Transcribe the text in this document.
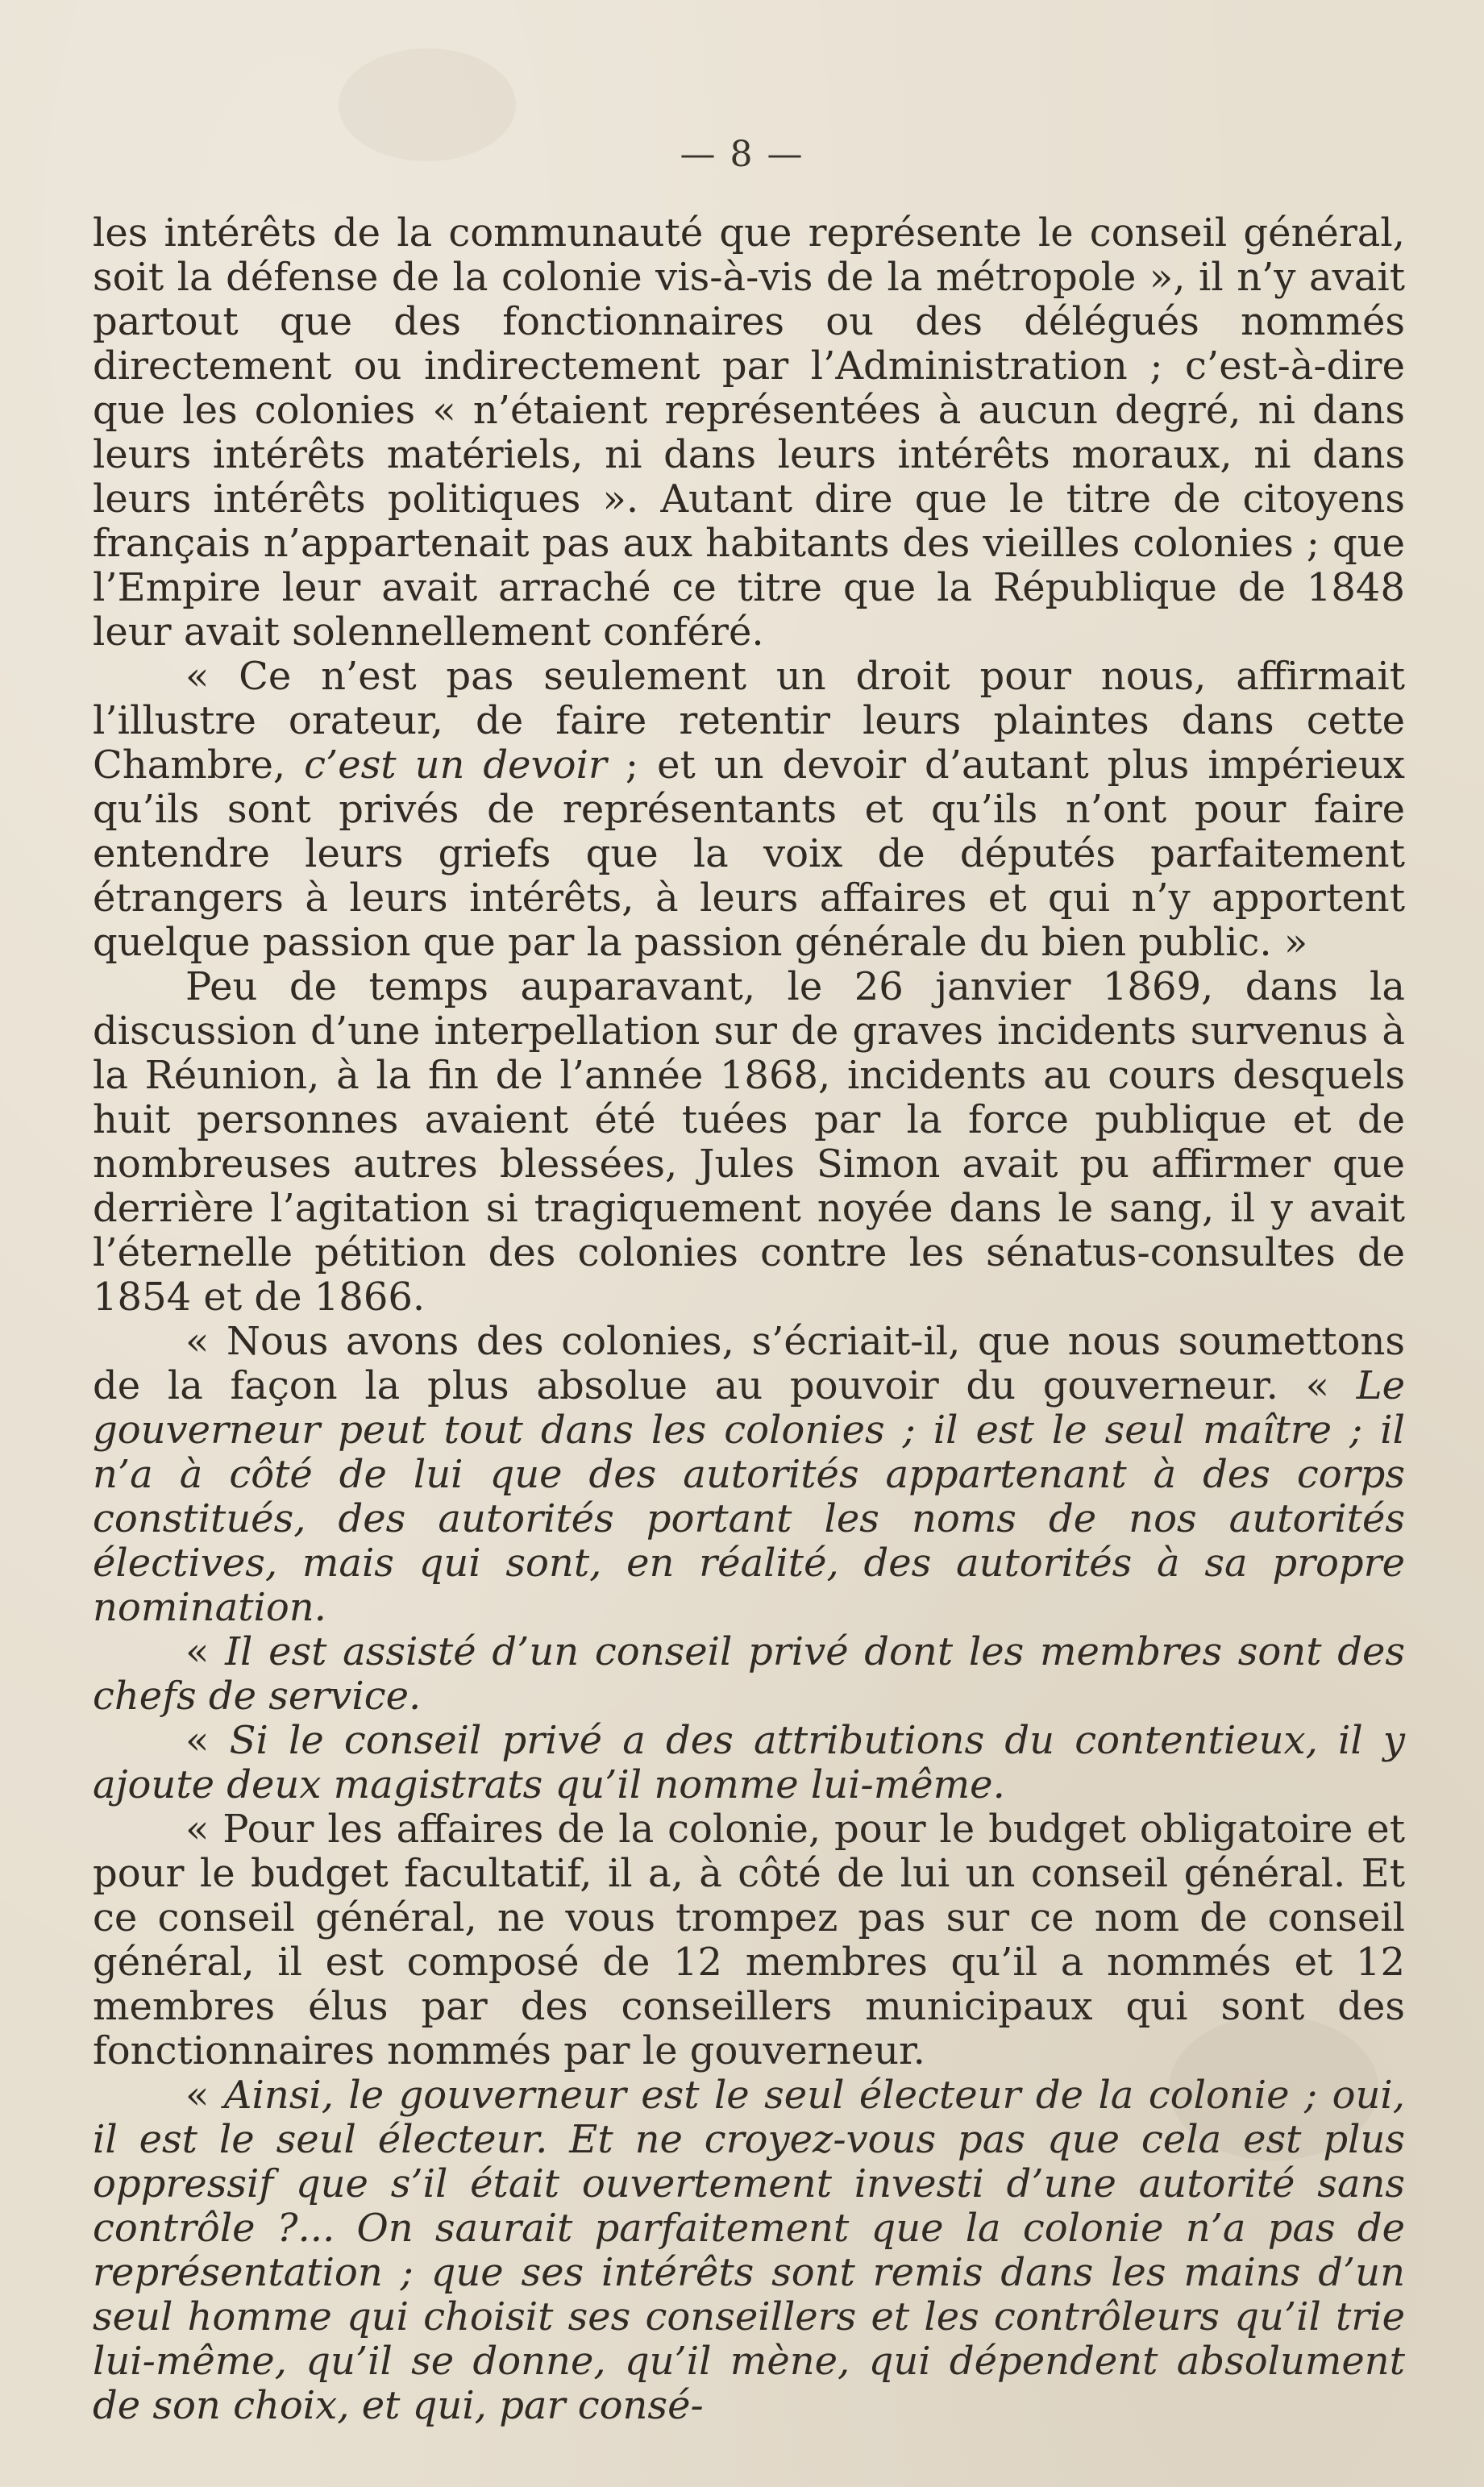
— 8 —

les intérêts de la communauté que représente le conseil général, soit la défense de la colonie vis-à-vis de la métropole », il n’y avait partout que des fonctionnaires ou des délégués nommés directement ou indirectement par l’Administration ; c’est-à-dire que les colonies « n’étaient représentées à aucun degré, ni dans leurs intérêts matériels, ni dans leurs intérêts moraux, ni dans leurs intérêts politiques ». Autant dire que le titre de citoyens français n’appartenait pas aux habitants des vieilles colonies ; que l’Empire leur avait arraché ce titre que la République de 1848 leur avait solennellement conféré.

« Ce n’est pas seulement un droit pour nous, affirmait l’illustre orateur, de faire retentir leurs plaintes dans cette Chambre, c’est un devoir ; et un devoir d’autant plus impérieux qu’ils sont privés de représentants et qu’ils n’ont pour faire entendre leurs griefs que la voix de députés parfaitement étrangers à leurs intérêts, à leurs affaires et qui n’y apportent quelque passion que par la passion générale du bien public. »

Peu de temps auparavant, le 26 janvier 1869, dans la discussion d’une interpellation sur de graves incidents survenus à la Réunion, à la fin de l’année 1868, incidents au cours desquels huit personnes avaient été tuées par la force publique et de nombreuses autres blessées, Jules Simon avait pu affirmer que derrière l’agitation si tragiquement noyée dans le sang, il y avait l’éternelle pétition des colonies contre les sénatus-consultes de 1854 et de 1866.

« Nous avons des colonies, s’écriait-il, que nous soumettons de la façon la plus absolue au pouvoir du gouverneur. « Le gouverneur peut tout dans les colonies ; il est le seul maître ; il n’a à côté de lui que des autorités appartenant à des corps constitués, des autorités portant les noms de nos autorités électives, mais qui sont, en réalité, des autorités à sa propre nomination.

« Il est assisté d’un conseil privé dont les membres sont des chefs de service.

« Si le conseil privé a des attributions du contentieux, il y ajoute deux magistrats qu’il nomme lui-même.

« Pour les affaires de la colonie, pour le budget obligatoire et pour le budget facultatif, il a, à côté de lui un conseil général. Et ce conseil général, ne vous trompez pas sur ce nom de conseil général, il est composé de 12 membres qu’il a nommés et 12 membres élus par des conseillers municipaux qui sont des fonctionnaires nommés par le gouverneur.

« Ainsi, le gouverneur est le seul électeur de la colonie ; oui, il est le seul électeur. Et ne croyez-vous pas que cela est plus oppressif que s’il était ouvertement investi d’une autorité sans contrôle ?... On saurait parfaitement que la colonie n’a pas de représentation ; que ses intérêts sont remis dans les mains d’un seul homme qui choisit ses conseillers et les contrôleurs qu’il trie lui-même, qu’il se donne, qu’il mène, qui dépendent absolument de son choix, et qui, par consé-
